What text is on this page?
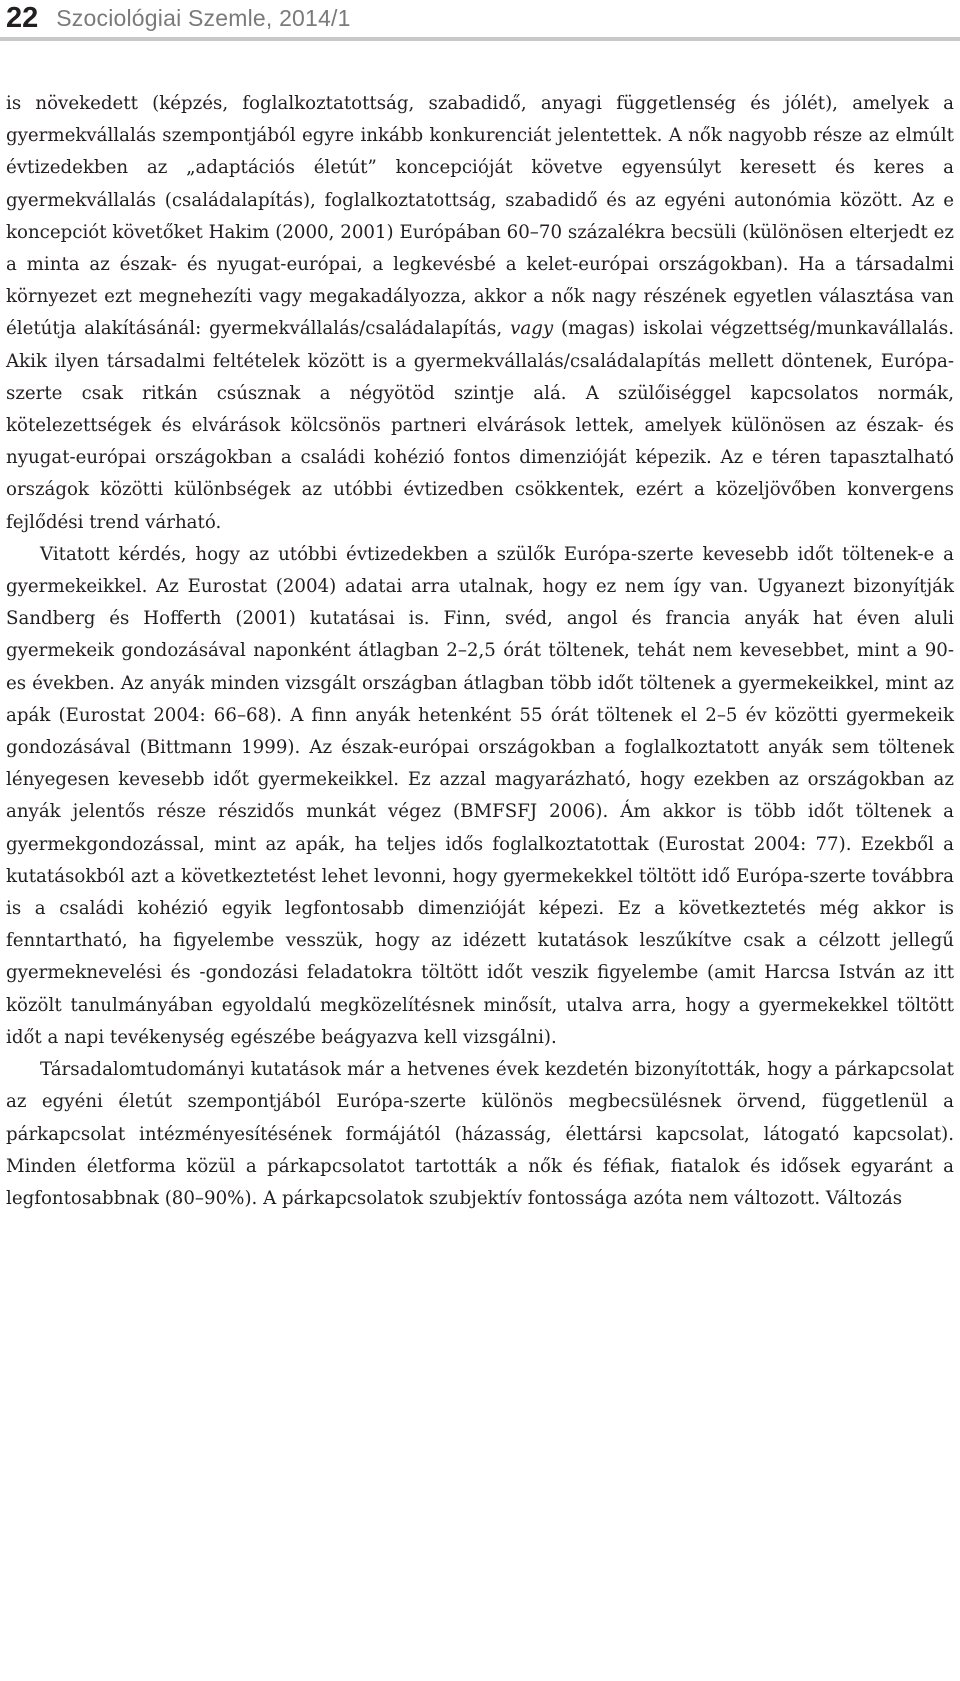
22 Szociológiai Szemle, 2014/1

is növekedett (képzés, foglalkoztatottság, szabadidő, anyagi függetlenség és jólét), amelyek a gyermekvállalás szempontjából egyre inkább konkurenciát jelentettek. A nők nagyobb része az elmúlt évtizedekben az „adaptációs életút” koncepcióját követve egyensúlyt keresett és keres a gyermekvállalás (családalapítás), foglalkoztatottság, szabadidő és az egyéni autonómia között. Az e koncepciót követőket Hakim (2000, 2001) Európában 60–70 százalékra becsüli (különösen elterjedt ez a minta az észak- és nyugat-európai, a legkevésbé a kelet-európai országokban). Ha a társadalmi környezet ezt megnehezíti vagy megakadályozza, akkor a nők nagy részének egyetlen választása van életútja alakításánál: gyermekvállalás/családalapítás, vagy (magas) iskolai végzettség/munkavállalás. Akik ilyen társadalmi feltételek között is a gyermekvállalás/családalapítás mellett döntenek, Európa-szerte csak ritkán csúsznak a négyötöd szintje alá. A szülőiséggel kapcsolatos normák, kötelezettségek és elvárások kölcsönös partneri elvárások lettek, amelyek különösen az észak- és nyugat-európai országokban a családi kohézió fontos dimenzióját képezik. Az e téren tapasztalható országok közötti különbségek az utóbbi évtizedben csökkentek, ezért a közeljövőben konvergens fejlődési trend várható.

Vitatott kérdés, hogy az utóbbi évtizedekben a szülők Európa-szerte kevesebb időt töltenek-e a gyermekeikkel. Az Eurostat (2004) adatai arra utalnak, hogy ez nem így van. Ugyanezt bizonyítják Sandberg és Hofferth (2001) kutatásai is. Finn, svéd, angol és francia anyák hat éven aluli gyermekeik gondozásával naponként átlagban 2–2,5 órát töltenek, tehát nem kevesebbet, mint a 90-es években. Az anyák minden vizsgált országban átlagban több időt töltenek a gyermekeikkel, mint az apák (Eurostat 2004: 66–68). A finn anyák hetenként 55 órát töltenek el 2–5 év közötti gyermekeik gondozásával (Bittmann 1999). Az észak-európai országokban a foglalkoztatott anyák sem töltenek lényegesen kevesebb időt gyermekeikkel. Ez azzal magyarázható, hogy ezekben az országokban az anyák jelentős része részidős munkát végez (BMFSFJ 2006). Ám akkor is több időt töltenek a gyermekgondozással, mint az apák, ha teljes idős foglalkoztatottak (Eurostat 2004: 77). Ezekből a kutatásokból azt a következtetést lehet levonni, hogy gyermekekkel töltött idő Európa-szerte továbbra is a családi kohézió egyik legfontosabb dimenzióját képezi. Ez a következtetés még akkor is fenntartható, ha figyelembe vesszük, hogy az idézett kutatások leszűkítve csak a célzott jellegű gyermeknevelési és -gondozási feladatokra töltött időt veszik figyelembe (amit Harcsa István az itt közölt tanulmányában egyoldalú megközelítésnek minősít, utalva arra, hogy a gyermekekkel töltött időt a napi tevékenység egészébe beágyazva kell vizsgálni).

Társadalomtudományi kutatások már a hetvenes évek kezdetén bizonyították, hogy a párkapcsolat az egyéni életút szempontjából Európa-szerte különös megbecsülésnek örvend, függetlenül a párkapcsolat intézményesítésének formájától (házasság, élettársi kapcsolat, látogató kapcsolat). Minden életforma közül a párkapcsolatot tartották a nők és féfiak, fiatalok és idősek egyaránt a legfontosabbnak (80–90%). A párkapcsolatok szubjektív fontossága azóta nem változott. Változás
